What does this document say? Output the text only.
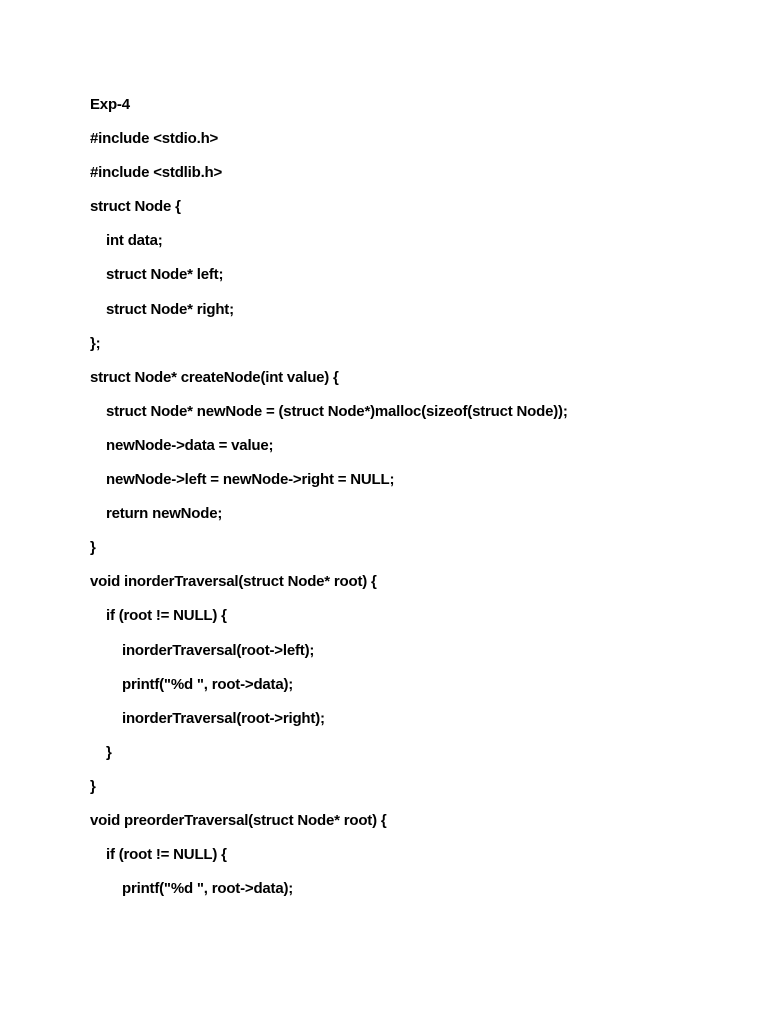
Exp-4
#include <stdio.h>
#include <stdlib.h>
struct Node {
int data;
struct Node* left;
struct Node* right;
};
struct Node* createNode(int value) {
struct Node* newNode = (struct Node*)malloc(sizeof(struct Node));
newNode->data = value;
newNode->left = newNode->right = NULL;
return newNode;
}
void inorderTraversal(struct Node* root) {
if (root != NULL) {
inorderTraversal(root->left);
printf("%d ", root->data);
inorderTraversal(root->right);
}
}
void preorderTraversal(struct Node* root) {
if (root != NULL) {
printf("%d ", root->data);
